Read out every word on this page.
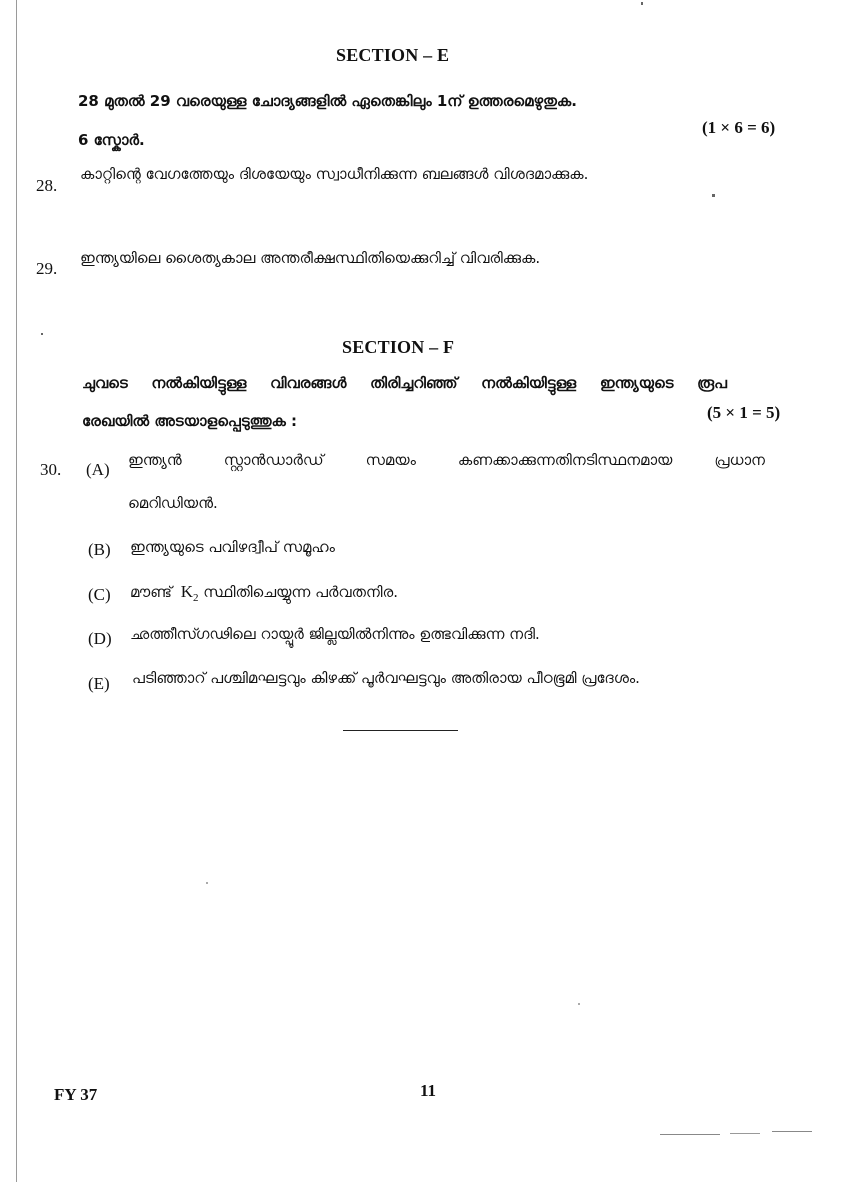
SECTION – E
28 മുതൽ 29 വരെയുള്ള ചോദ്യങ്ങളിൽ ഏതെങ്കിലും 1ന് ഉത്തരമെഴുതുക.
6 സ്കോർ.
(1 × 6 = 6)
28.
കാറ്റിന്റെ വേഗത്തേയും ദിശയേയും സ്വാധീനിക്കുന്ന ബലങ്ങൾ വിശദമാക്കുക.
29.
ഇന്ത്യയിലെ ശൈത്യകാല അന്തരീക്ഷസ്ഥിതിയെക്കുറിച്ച് വിവരിക്കുക.
SECTION – F
ചുവടെ നൽകിയിട്ടുള്ള വിവരങ്ങൾ തിരിച്ചറിഞ്ഞ് നൽകിയിട്ടുള്ള ഇന്ത്യയുടെ രൂപ
രേഖയിൽ അടയാളപ്പെടുത്തുക :	(5 × 1 = 5)
30. (A) ഇന്ത്യൻ	സ്റ്റാൻഡാർഡ്	സമയം	കണക്കാക്കുന്നതിനടിസ്ഥനമായ	പ്രധാന
മെറിഡിയൻ.
(B) ഇന്ത്യയുടെ പവിഴദ്വീപ് സമൂഹം
(C) മൗണ്ട് $K_2$ സ്ഥിതിചെയ്യുന്ന പർവതനിര.
(D) ഛത്തീസ്ഗഢിലെ റായ്പൂർ ജില്ലയിൽനിന്നും ഉത്ഭവിക്കുന്ന നദി.
(E) പടിഞ്ഞാറ് പശ്ചിമഘട്ടവും കിഴക്ക് പൂർവഘട്ടവും അതിരായ പീഠഭൂമി പ്രദേശം.
FY 37	11
